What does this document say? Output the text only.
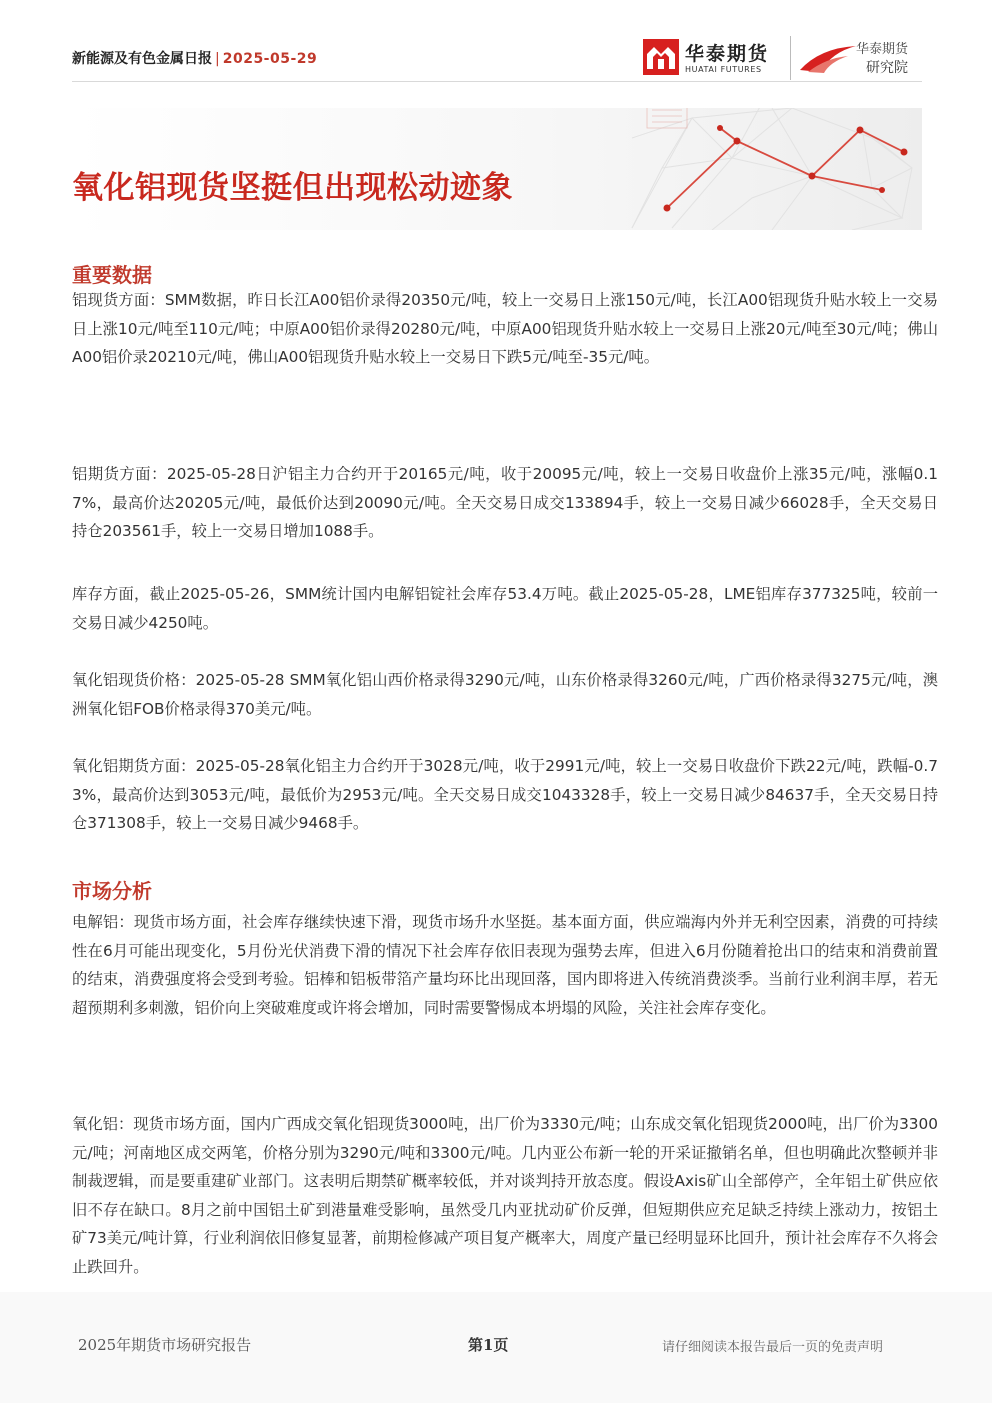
新能源及有色金属日报 | 2025-05-29	华泰期货
HUATAI FUTURES
华泰期货
研究院
氧化铝现货坚挺但出现松动迹象
重要数据

铝现货方面：SMM数据，昨日长江A00铝价录得20350元/吨，较上一交易日上涨150元/吨，长江A00铝现货升贴水较上一交易日上涨10元/吨至110元/吨；中原A00铝价录得20280元/吨，中原A00铝现货升贴水较上一交易日上涨20元/吨至30元/吨；佛山A00铝价录20210元/吨，佛山A00铝现货升贴水较上一交易日下跌5元/吨至-35元/吨。

铝期货方面：2025-05-28日沪铝主力合约开于20165元/吨，收于20095元/吨，较上一交易日收盘价上涨35元/吨，涨幅0.17%，最高价达20205元/吨，最低价达到20090元/吨。全天交易日成交133894手，较上一交易日减少66028手，全天交易日持仓203561手，较上一交易日增加1088手。

库存方面，截止2025-05-26，SMM统计国内电解铝锭社会库存53.4万吨。截止2025-05-28，LME铝库存377325吨，较前一交易日减少4250吨。

氧化铝现货价格：2025-05-28 SMM氧化铝山西价格录得3290元/吨，山东价格录得3260元/吨，广西价格录得3275元/吨，澳洲氧化铝FOB价格录得370美元/吨。

氧化铝期货方面：2025-05-28氧化铝主力合约开于3028元/吨，收于2991元/吨，较上一交易日收盘价下跌22元/吨，跌幅-0.73%，最高价达到3053元/吨，最低价为2953元/吨。全天交易日成交1043328手，较上一交易日减少84637手，全天交易日持仓371308手，较上一交易日减少9468手。

市场分析

电解铝：现货市场方面，社会库存继续快速下滑，现货市场升水坚挺。基本面方面，供应端海内外并无利空因素，消费的可持续性在6月可能出现变化，5月份光伏消费下滑的情况下社会库存依旧表现为强势去库，但进入6月份随着抢出口的结束和消费前置的结束，消费强度将会受到考验。铝棒和铝板带箔产量均环比出现回落，国内即将进入传统消费淡季。当前行业利润丰厚，若无超预期利多刺激，铝价向上突破难度或许将会增加，同时需要警惕成本坍塌的风险，关注社会库存变化。

氧化铝：现货市场方面，国内广西成交氧化铝现货3000吨，出厂价为3330元/吨；山东成交氧化铝现货2000吨，出厂价为3300元/吨；河南地区成交两笔，价格分别为3290元/吨和3300元/吨。几内亚公布新一轮的开采证撤销名单，但也明确此次整顿并非制裁逻辑，而是要重建矿业部门。这表明后期禁矿概率较低，并对谈判持开放态度。假设Axis矿山全部停产，全年铝土矿供应依旧不存在缺口。8月之前中国铝土矿到港量难受影响，虽然受几内亚扰动矿价反弹，但短期供应充足缺乏持续上涨动力，按铝土矿73美元/吨计算，行业利润依旧修复显著，前期检修减产项目复产概率大，周度产量已经明显环比回升，预计社会库存不久将会止跌回升。

2025年期货市场研究报告	第1页	请仔细阅读本报告最后一页的免责声明
